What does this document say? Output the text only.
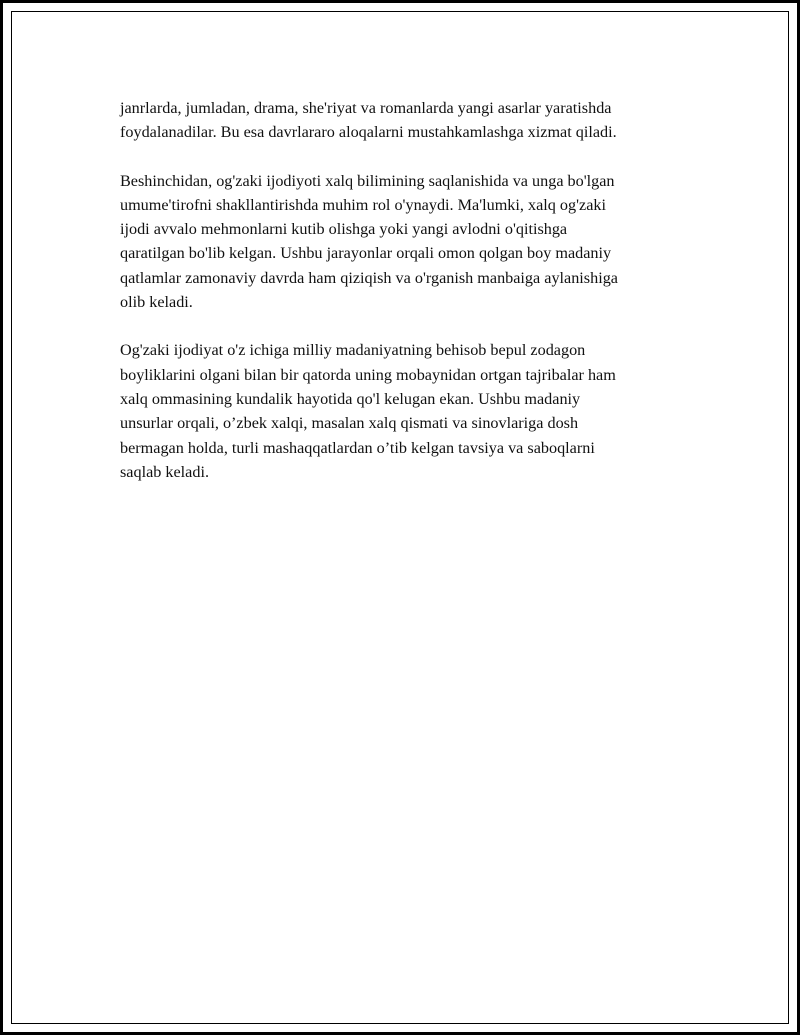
janrlarda, jumladan, drama, she'riyat va romanlarda yangi asarlar yaratishda
foydalanadilar. Bu esa davrlararo aloqalarni mustahkamlashga xizmat qiladi.

Beshinchidan, og'zaki ijodiyoti xalq bilimining saqlanishida va unga bo'lgan
umume'tirofni shakllantirishda muhim rol o'ynaydi. Ma'lumki, xalq og'zaki
ijodi avvalo mehmonlarni kutib olishga yoki yangi avlodni o'qitishga
qaratilgan bo'lib kelgan. Ushbu jarayonlar orqali omon qolgan boy madaniy
qatlamlar zamonaviy davrda ham qiziqish va o'rganish manbaiga aylanishiga
olib keladi.

Og'zaki ijodiyat o'z ichiga milliy madaniyatning behisob bepul zodagon
boyliklarini olgani bilan bir qatorda uning mobaynidan ortgan tajribalar ham
xalq ommasining kundalik hayotida qo'l kelugan ekan. Ushbu madaniy
unsurlar orqali, o’zbek xalqi, masalan xalq qismati va sinovlariga dosh
bermagan holda, turli mashaqqatlardan o’tib kelgan tavsiya va saboqlarni
saqlab keladi.
